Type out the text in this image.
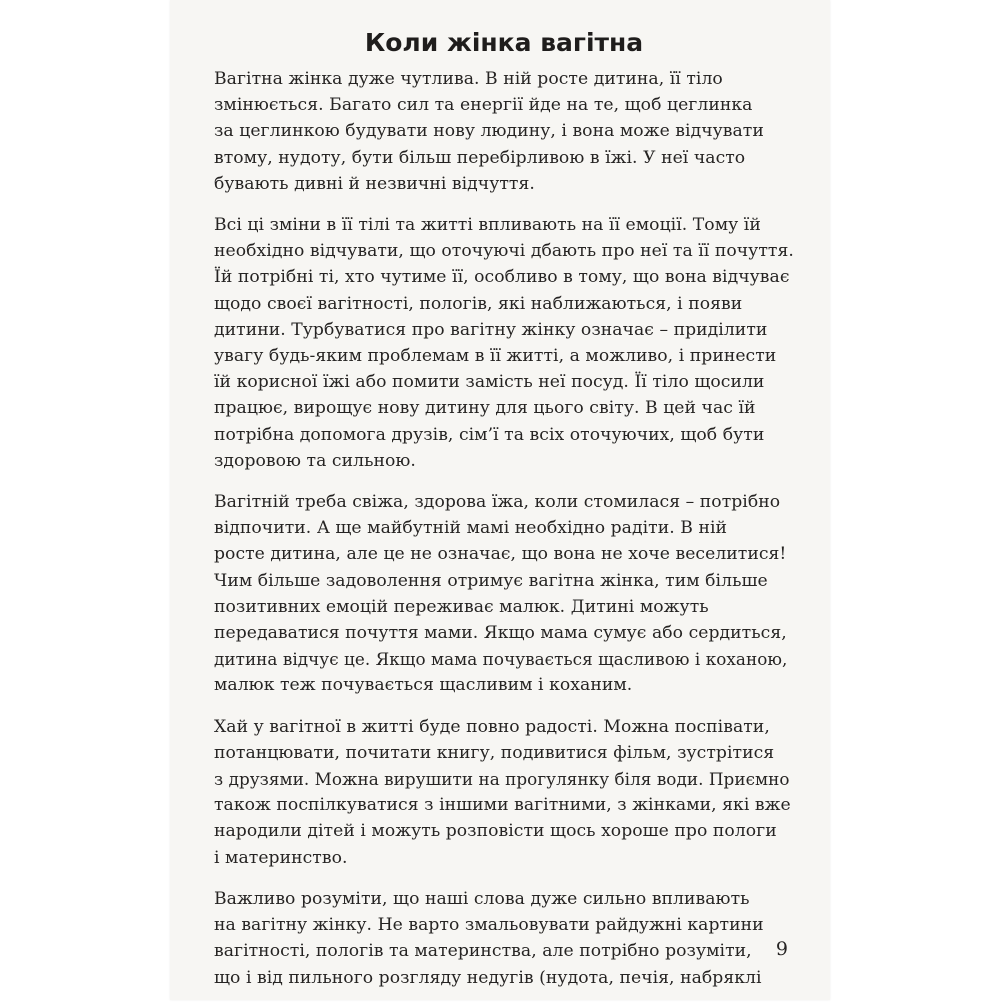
Коли жінка вагітна
Вагітна жінка дуже чутлива. В ній росте дитина, її тіло
змінюється. Багато сил та енергії йде на те, щоб цеглинка
за цеглинкою будувати нову людину, і вона може відчувати
втому, нудоту, бути більш перебірливою в їжі. У неї часто
бувають дивні й незвичні відчуття.
Всі ці зміни в її тілі та житті впливають на її емоції. Тому їй
необхідно відчувати, що оточуючі дбають про неї та її почуття.
Їй потрібні ті, хто чутиме її, особливо в тому, що вона відчуває
щодо своєї вагітності, пологів, які наближаються, і появи
дитини. Турбуватися про вагітну жінку означає – приділити
увагу будь-яким проблемам в її житті, а можливо, і принести
їй корисної їжі або помити замість неї посуд. Її тіло щосили
працює, вирощує нову дитину для цього світу. В цей час їй
потрібна допомога друзів, сім’ї та всіх оточуючих, щоб бути
здоровою та сильною.
Вагітній треба свіжа, здорова їжа, коли стомилася – потрібно
відпочити. А ще майбутній мамі необхідно радіти. В ній
росте дитина, але це не означає, що вона не хоче веселитися!
Чим більше задоволення отримує вагітна жінка, тим більше
позитивних емоцій переживає малюк. Дитині можуть
передаватися почуття мами. Якщо мама сумує або сердиться,
дитина відчує це. Якщо мама почувається щасливою і коханою,
малюк теж почувається щасливим і коханим.
Хай у вагітної в житті буде повно радості. Можна поспівати,
потанцювати, почитати книгу, подивитися фільм, зустрітися
з друзями. Можна вирушити на прогулянку біля води. Приємно
також поспілкуватися з іншими вагітними, з жінками, які вже
народили дітей і можуть розповісти щось хороше про пологи
і материнство.
Важливо розуміти, що наші слова дуже сильно впливають
на вагітну жінку. Не варто змальовувати райдужні картини
вагітності, пологів та материнства, але потрібно розуміти,
що і від пильного розгляду недугів (нудота, печія, набряклі
9
